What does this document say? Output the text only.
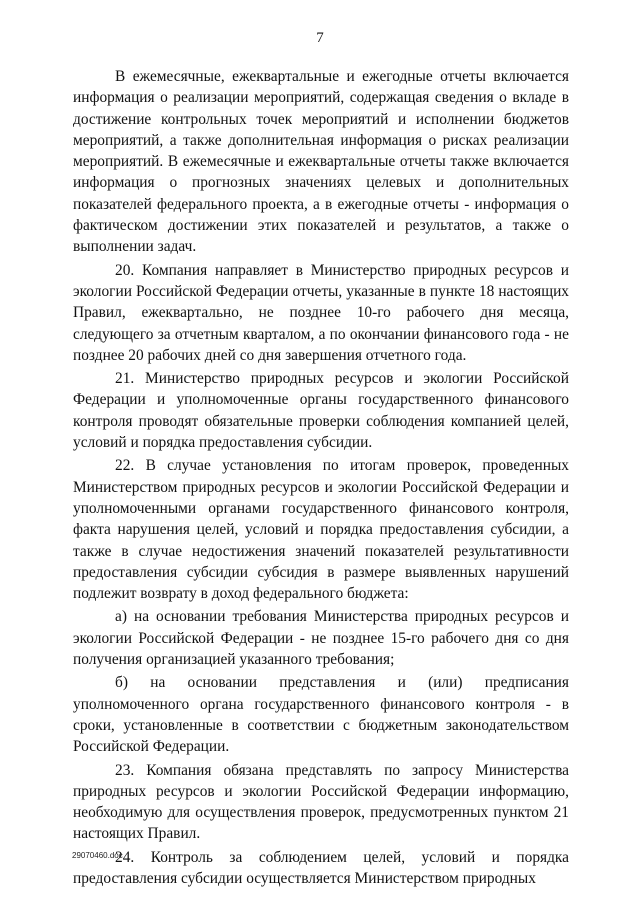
7

В ежемесячные, ежеквартальные и ежегодные отчеты включается информация о реализации мероприятий, содержащая сведения о вкладе в достижение контрольных точек мероприятий и исполнении бюджетов мероприятий, а также дополнительная информация о рисках реализации мероприятий. В ежемесячные и ежеквартальные отчеты также включается информация о прогнозных значениях целевых и дополнительных показателей федерального проекта, а в ежегодные отчеты - информация о фактическом достижении этих показателей и результатов, а также о выполнении задач.

20. Компания направляет в Министерство природных ресурсов и экологии Российской Федерации отчеты, указанные в пункте 18 настоящих Правил, ежеквартально, не позднее 10-го рабочего дня месяца, следующего за отчетным кварталом, а по окончании финансового года - не позднее 20 рабочих дней со дня завершения отчетного года.

21. Министерство природных ресурсов и экологии Российской Федерации и уполномоченные органы государственного финансового контроля проводят обязательные проверки соблюдения компанией целей, условий и порядка предоставления субсидии.

22. В случае установления по итогам проверок, проведенных Министерством природных ресурсов и экологии Российской Федерации и уполномоченными органами государственного финансового контроля, факта нарушения целей, условий и порядка предоставления субсидии, а также в случае недостижения значений показателей результативности предоставления субсидии субсидия в размере выявленных нарушений подлежит возврату в доход федерального бюджета:

а) на основании требования Министерства природных ресурсов и экологии Российской Федерации - не позднее 15-го рабочего дня со дня получения организацией указанного требования;

б) на основании представления и (или) предписания уполномоченного органа государственного финансового контроля - в сроки, установленные в соответствии с бюджетным законодательством Российской Федерации.

23. Компания обязана представлять по запросу Министерства природных ресурсов и экологии Российской Федерации информацию, необходимую для осуществления проверок, предусмотренных пунктом 21 настоящих Правил.

24. Контроль за соблюдением целей, условий и порядка предоставления субсидии осуществляется Министерством природных

29070460.doc
